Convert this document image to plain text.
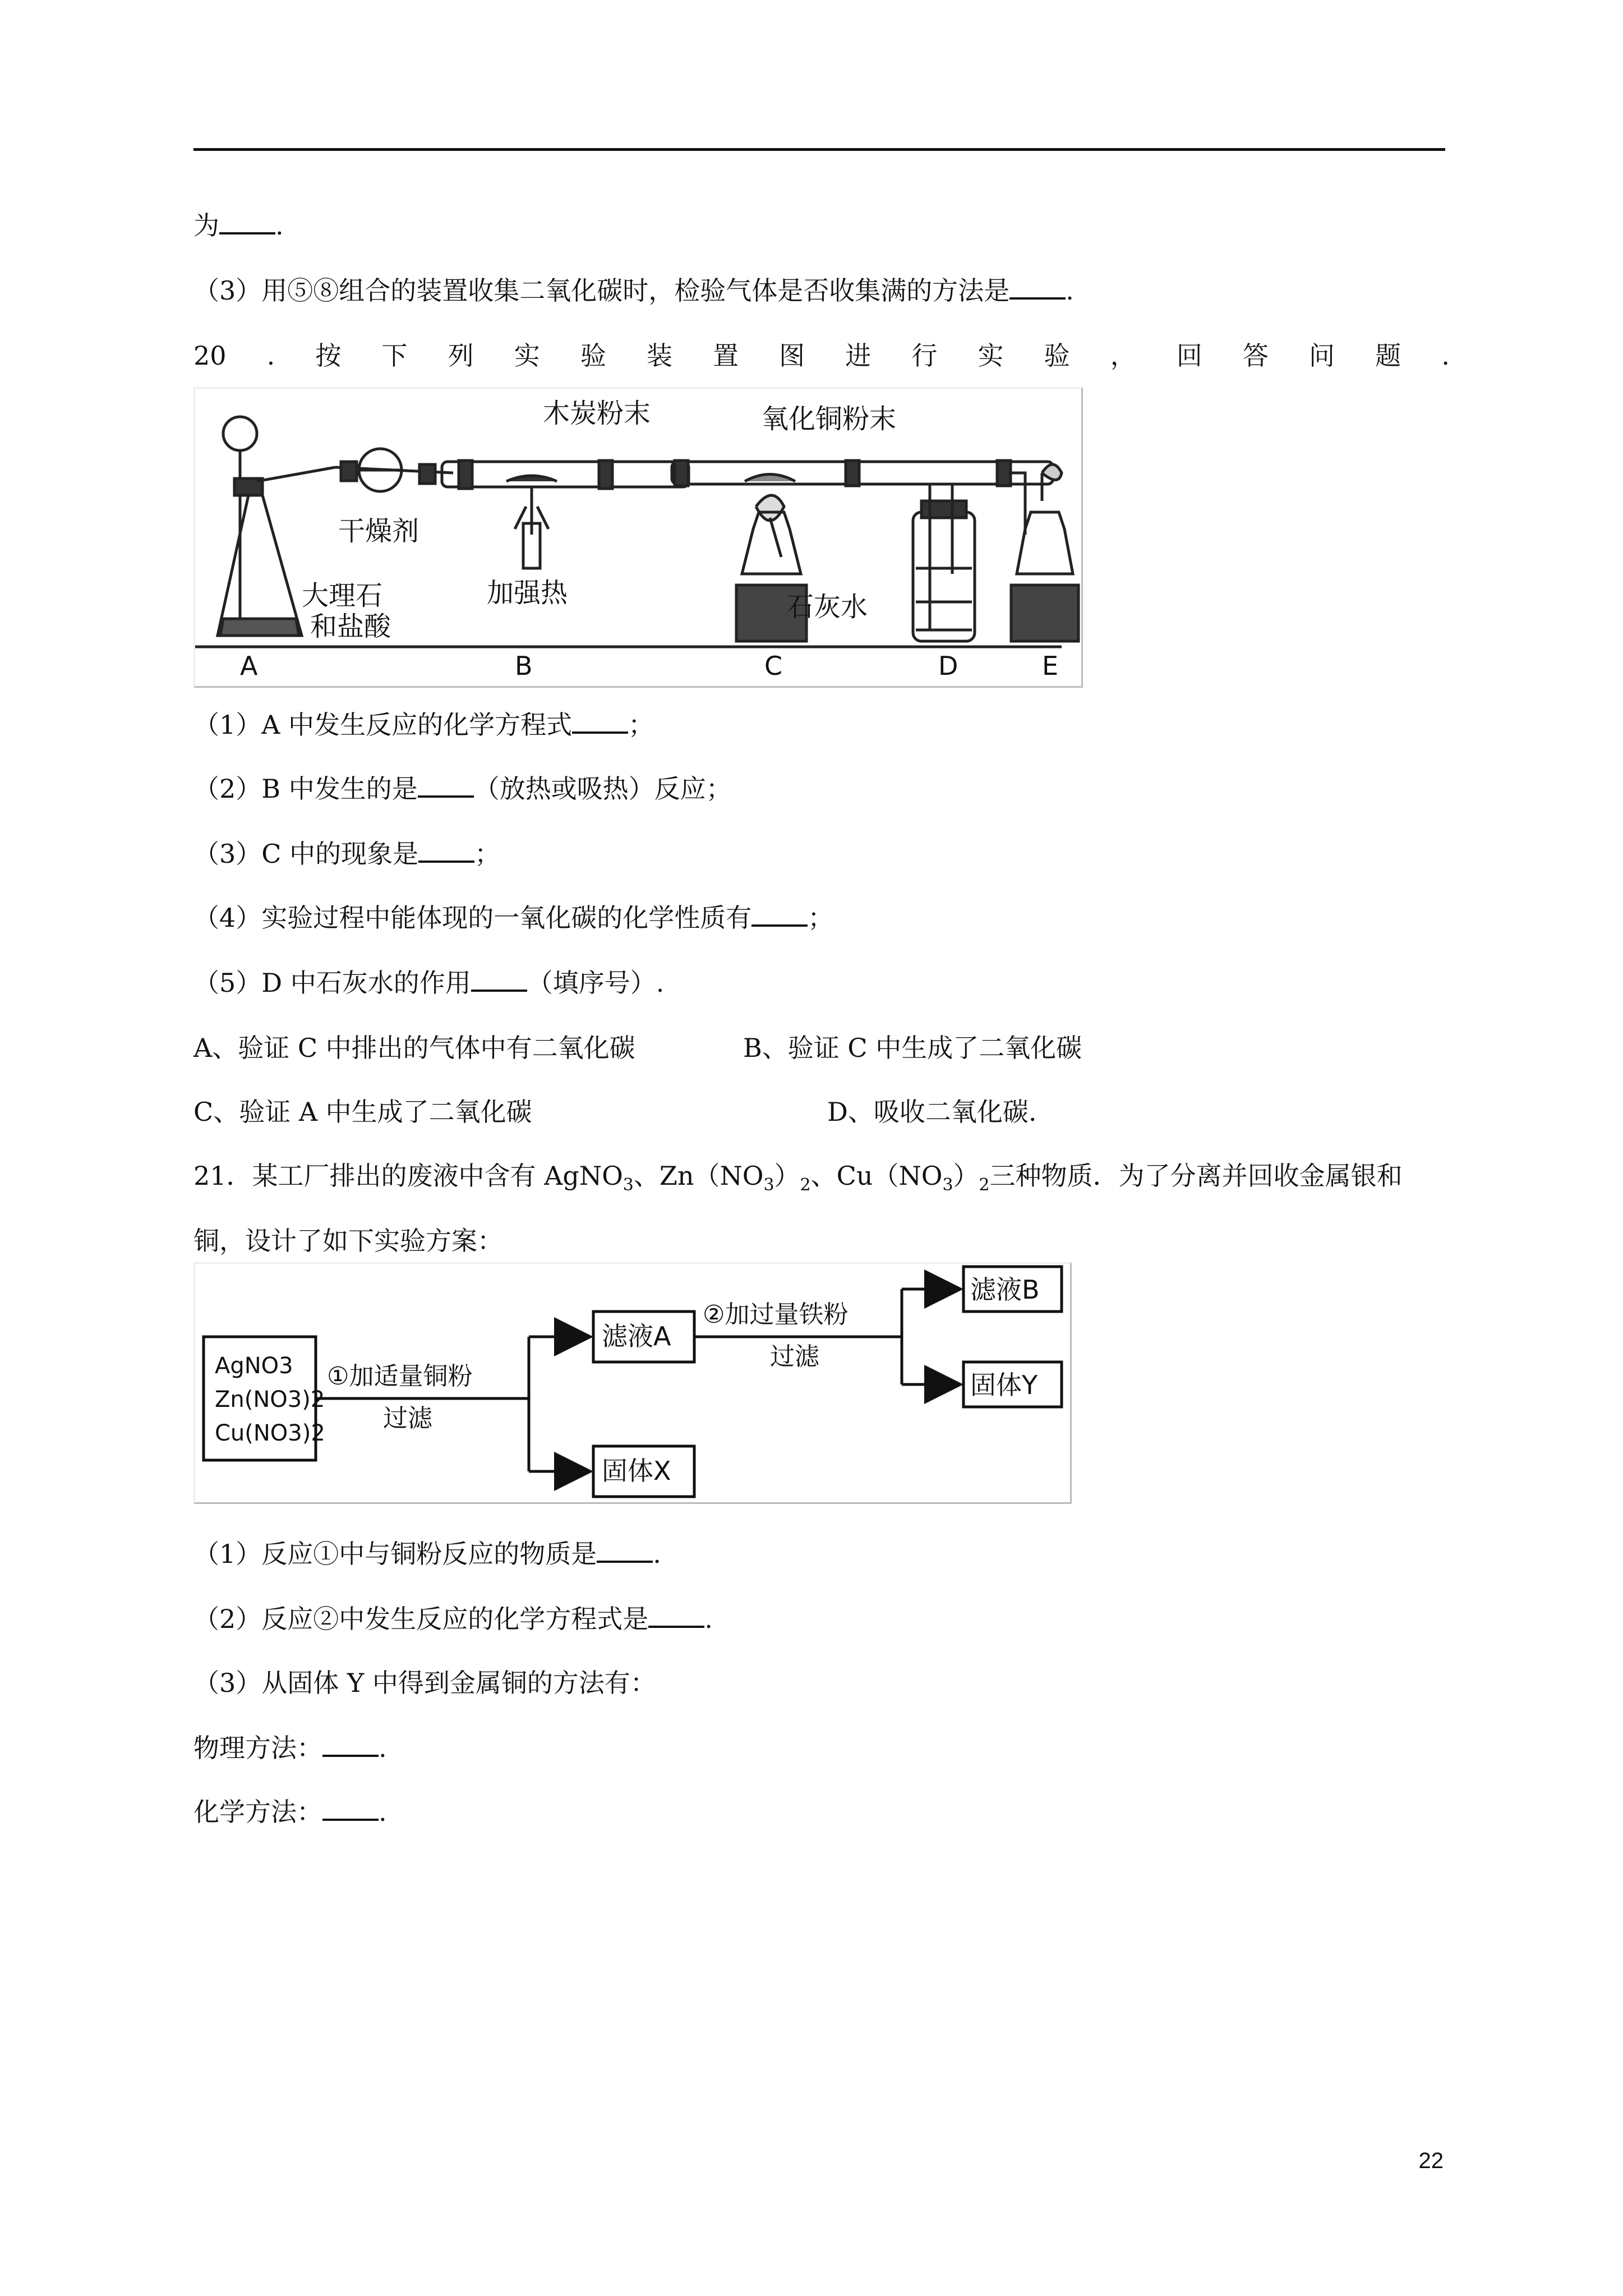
为 .
（3）用⑤⑧组合的装置收集二氧化碳时，检验气体是否收集满的方法是 .
20 . 按 下 列 实 验 装 置 图 进 行 实 验 ， 回 答 问 题 .
木炭粉末	氧化铜粉末
干燥剂
加强热
大理石
和盐酸
石灰水
A	B	C	D	E
（1）A 中发生反应的化学方程式 ；
（2）B 中发生的是 （放热或吸热）反应；
（3）C 中的现象是 ；
（4）实验过程中能体现的一氧化碳的化学性质有 ；
（5）D 中石灰水的作用 （填序号）.
A、验证 C 中排出的气体中有二氧化碳	B、验证 C 中生成了二氧化碳
C、验证 A 中生成了二氧化碳	D、吸收二氧化碳.
21．某工厂排出的废液中含有 AgNO$_3$、$Zn(NO_3)_2$、$Cu(NO_3)_2$三种物质．为了分离并回收金属银和
铜，设计了如下实验方案：
AgNO3
Zn(NO3)2
Cu(NO3)2
①加适量铜粉
过滤
滤液A
固体X
②加过量铁粉
过滤
滤液B
固体Y
（1）反应①中与铜粉反应的物质是 .
（2）反应②中发生反应的化学方程式是 .
（3）从固体 Y 中得到金属铜的方法有：
物理方法： .
化学方法： .
22
